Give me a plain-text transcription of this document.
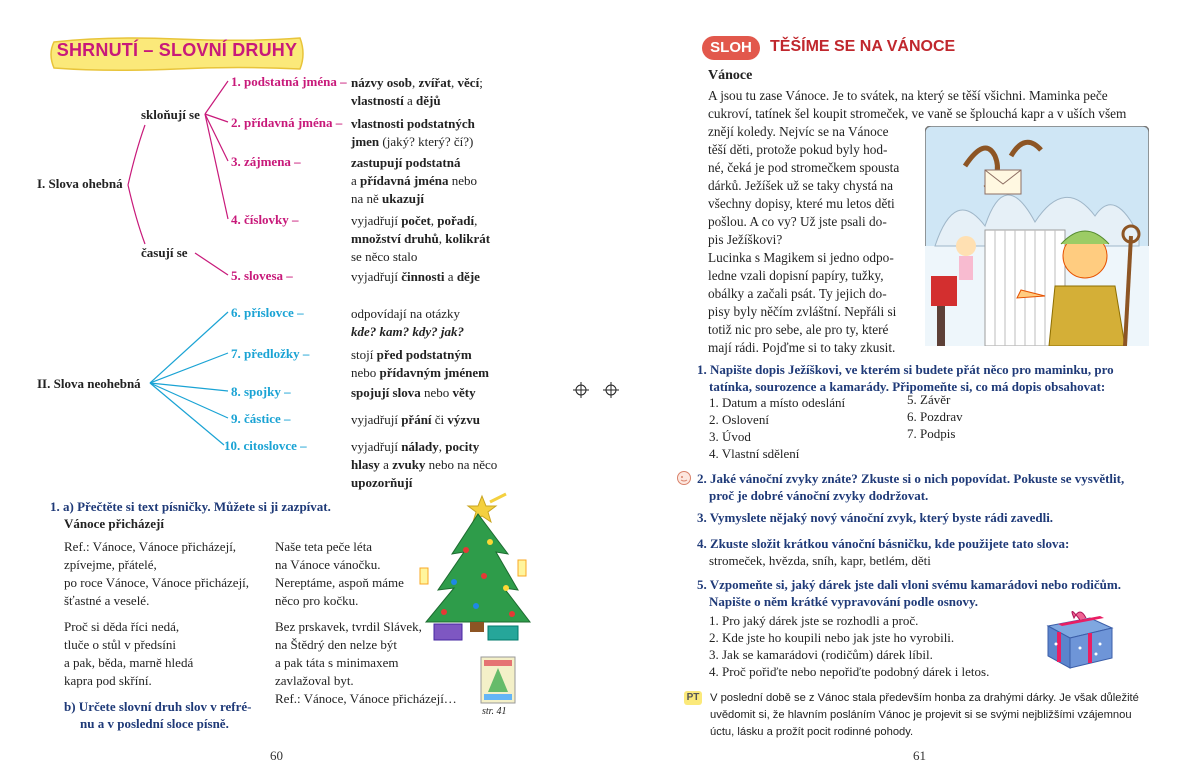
SHRNUTÍ – SLOVNÍ DRUHY
I. Slova ohebná
skloňují se
časují se
II. Slova neohebná
1. podstatná jména – názvy osob, zvířat, věcí;
vlastností a dějů
2. přídavná jména – vlastnosti podstatných
jmen (jaký? který? čí?)
3. zájmena –	zastupují podstatná
a přídavná jména nebo
na ně ukazují
4. číslovky –	vyjadřují počet, pořadí,
množství druhů, kolikrát
se něco stalo
5. slovesa –	vyjadřují činnosti a děje
6. příslovce –	odpovídají na otázky
kde? kam? kdy? jak?
7. předložky –	stojí před podstatným
nebo přídavným jménem
8. spojky –	spojují slova nebo věty
9. částice –	vyjadřují přání či výzvu
10. citoslovce –	vyjadřují nálady, pocity
hlasy a zvuky nebo na něco
upozorňují
1. a) Přečtěte si text písničky. Můžete si ji zazpívat.
Vánoce přicházejí
Ref.: Vánoce, Vánoce přicházejí,
zpívejme, přátelé,
po roce Vánoce, Vánoce přicházejí,
šťastné a veselé.
Naše teta peče léta
na Vánoce vánočku.
Nereptáme, aspoň máme
něco pro kočku.
Proč si děda říci nedá,
tluče o stůl v předsíni
a pak, běda, marně hledá
kapra pod skříní.
Bez prskavek, tvrdil Slávek,
na Štědrý den nelze být
a pak táta s minimaxem
zavlažoval byt.
Ref.: Vánoce, Vánoce přicházejí…
b) Určete slovní druh slov v refré-
nu a v poslední sloce písně.
str. 41
60
SLOH	TĚŠÍME SE NA VÁNOCE
Vánoce
A jsou tu zase Vánoce. Je to svátek, na který se těší všichni. Maminka peče
cukroví, tatínek šel koupit stromeček, ve vaně se šplouchá kapr a v uších všem
znějí koledy. Nejvíc se na Vánoce
těší děti, protože pokud byly hod-
né, čeká je pod stromečkem spousta
dárků. Ježíšek už se taky chystá na
všechny dopisy, které mu letos děti
pošlou. A co vy? Už jste psali do-
pis Ježíškovi?
Lucinka s Magikem si jedno odpo-
ledne vzali dopisní papíry, tužky,
obálky a začali psát. Ty jejich do-
pisy byly něčím zvláštní. Nepřáli si
totiž nic pro sebe, ale pro ty, které
mají rádi. Pojďme si to taky zkusit.
1. Napište dopis Ježíškovi, ve kterém si budete přát něco pro maminku, pro
tatínka, sourozence a kamarády. Připomeňte si, co má dopis obsahovat:
1. Datum a místo odeslání
2. Oslovení
3. Úvod
4. Vlastní sdělení
5. Závěr
6. Pozdrav
7. Podpis
2. Jaké vánoční zvyky znáte? Zkuste si o nich popovídat. Pokuste se vysvětlit,
proč je dobré vánoční zvyky dodržovat.
3. Vymyslete nějaký nový vánoční zvyk, který byste rádi zavedli.
4. Zkuste složit krátkou vánoční básničku, kde použijete tato slova:
stromeček, hvězda, sníh, kapr, betlém, děti
5. Vzpomeňte si, jaký dárek jste dali vloni svému kamarádovi nebo rodičům.
Napište o něm krátké vypravování podle osnovy.
1. Pro jaký dárek jste se rozhodli a proč.
2. Kde jste ho koupili nebo jak jste ho vyrobili.
3. Jak se kamarádovi (rodičům) dárek líbil.
4. Proč pořiďte nebo nepořiďte podobný dárek i letos.
PT V poslední době se z Vánoc stala především honba za drahými dárky. Je však důležité
uvědomit si, že hlavním posláním Vánoc je projevit si se svými nejbližšími vzájemnou
úctu, lásku a prožít pocit rodinné pohody.
61
